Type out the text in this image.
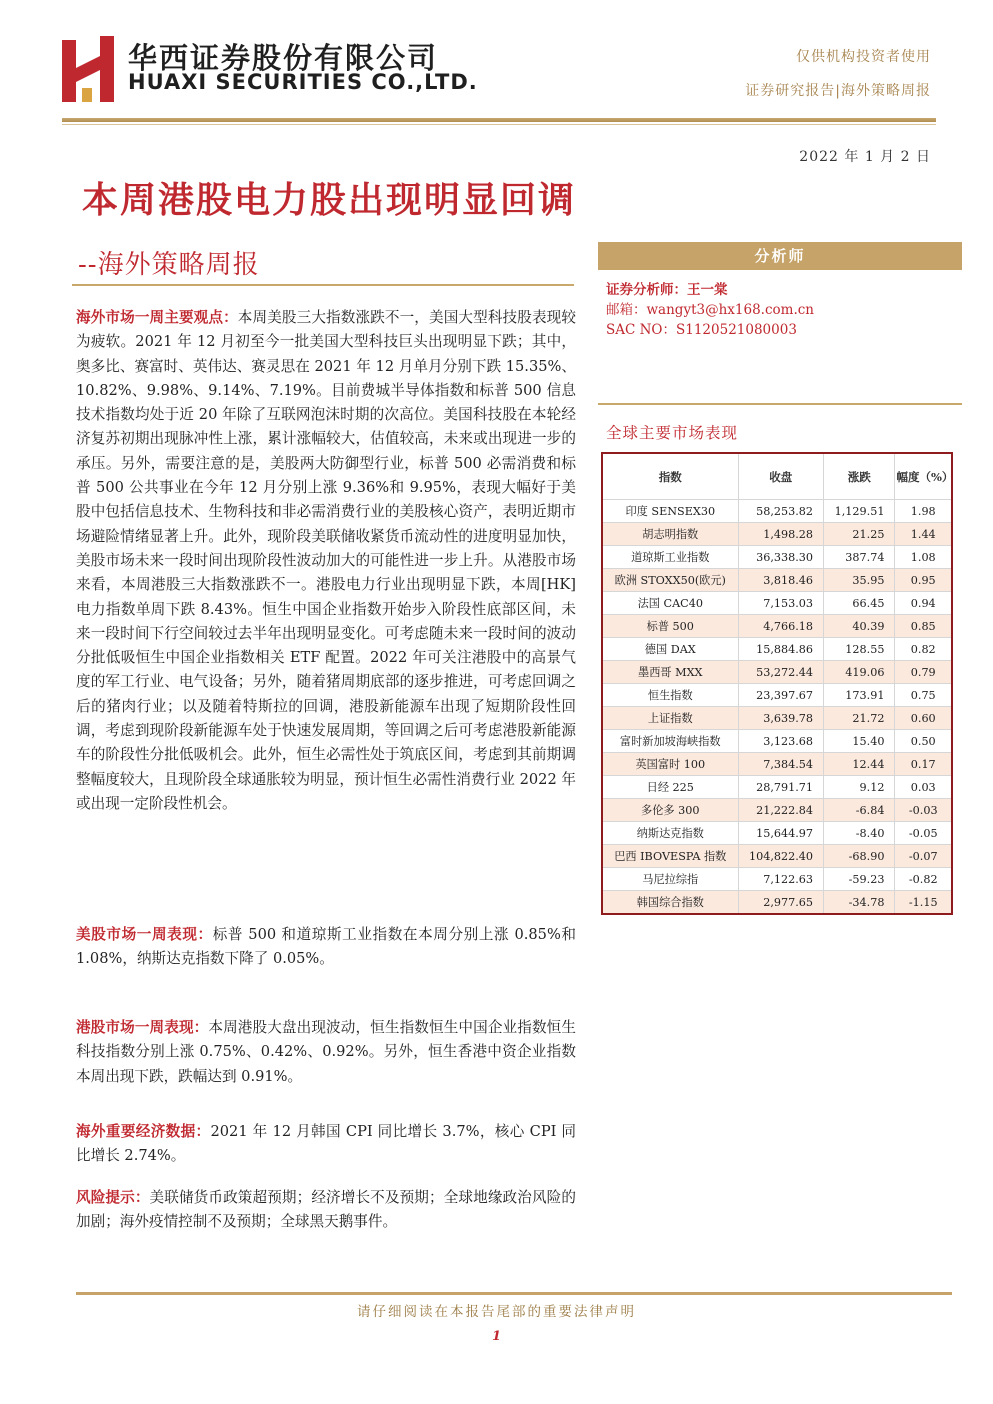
华西证券股份有限公司
HUAXI SECURITIES CO.,LTD.
仅供机构投资者使用
证券研究报告|海外策略周报
2022 年 1 月 2 日
本周港股电力股出现明显回调
--海外策略周报
海外市场一周主要观点：本周美股三大指数涨跌不一，美国大型科技股表现较为疲软。2021 年 12 月初至今一批美国大型科技巨头出现明显下跌；其中，奥多比、赛富时、英伟达、赛灵思在 2021 年 12 月单月分别下跌 15.35%、10.82%、9.98%、9.14%、7.19%。目前费城半导体指数和标普 500 信息技术指数均处于近 20 年除了互联网泡沫时期的次高位。美国科技股在本轮经济复苏初期出现脉冲性上涨，累计涨幅较大，估值较高，未来或出现进一步的承压。另外，需要注意的是，美股两大防御型行业，标普 500 必需消费和标普 500 公共事业在今年 12 月分别上涨 9.36%和 9.95%，表现大幅好于美股中包括信息技术、生物科技和非必需消费行业的美股核心资产，表明近期市场避险情绪显著上升。此外，现阶段美联储收紧货币流动性的进度明显加快，美股市场未来一段时间出现阶段性波动加大的可能性进一步上升。从港股市场来看，本周港股三大指数涨跌不一。港股电力行业出现明显下跌，本周[HK]电力指数单周下跌 8.43%。恒生中国企业指数开始步入阶段性底部区间，未来一段时间下行空间较过去半年出现明显变化。可考虑随未来一段时间的波动分批低吸恒生中国企业指数相关 ETF 配置。2022 年可关注港股中的高景气度的军工行业、电气设备；另外，随着猪周期底部的逐步推进，可考虑回调之后的猪肉行业；以及随着特斯拉的回调，港股新能源车出现了短期阶段性回调，考虑到现阶段新能源车处于快速发展周期，等回调之后可考虑港股新能源车的阶段性分批低吸机会。此外，恒生必需性处于筑底区间，考虑到其前期调整幅度较大，且现阶段全球通胀较为明显，预计恒生必需性消费行业 2022 年或出现一定阶段性机会。
美股市场一周表现：标普 500 和道琼斯工业指数在本周分别上涨 0.85%和 1.08%，纳斯达克指数下降了 0.05%。
港股市场一周表现：本周港股大盘出现波动，恒生指数恒生中国企业指数恒生科技指数分别上涨 0.75%、0.42%、0.92%。另外，恒生香港中资企业指数本周出现下跌，跌幅达到 0.91%。
海外重要经济数据：2021 年 12 月韩国 CPI 同比增长 3.7%，核心 CPI 同比增长 2.74%。
风险提示：美联储货币政策超预期；经济增长不及预期；全球地缘政治风险的加剧；海外疫情控制不及预期；全球黑天鹅事件。
分析师
证券分析师：王一棠
邮箱：wangyt3@hx168.com.cn
SAC NO：S1120521080003
全球主要市场表现
指数	收盘	涨跌	幅度（%）
印度 SENSEX30	58,253.82	1,129.51	1.98
胡志明指数	1,498.28	21.25	1.44
道琼斯工业指数	36,338.30	387.74	1.08
欧洲 STOXX50(欧元)	3,818.46	35.95	0.95
法国 CAC40	7,153.03	66.45	0.94
标普 500	4,766.18	40.39	0.85
德国 DAX	15,884.86	128.55	0.82
墨西哥 MXX	53,272.44	419.06	0.79
恒生指数	23,397.67	173.91	0.75
上证指数	3,639.78	21.72	0.60
富时新加坡海峡指数	3,123.68	15.40	0.50
英国富时 100	7,384.54	12.44	0.17
日经 225	28,791.71	9.12	0.03
多伦多 300	21,222.84	-6.84	-0.03
纳斯达克指数	15,644.97	-8.40	-0.05
巴西 IBOVESPA 指数	104,822.40	-68.90	-0.07
马尼拉综指	7,122.63	-59.23	-0.82
韩国综合指数	2,977.65	-34.78	-1.15
请仔细阅读在本报告尾部的重要法律声明
1
